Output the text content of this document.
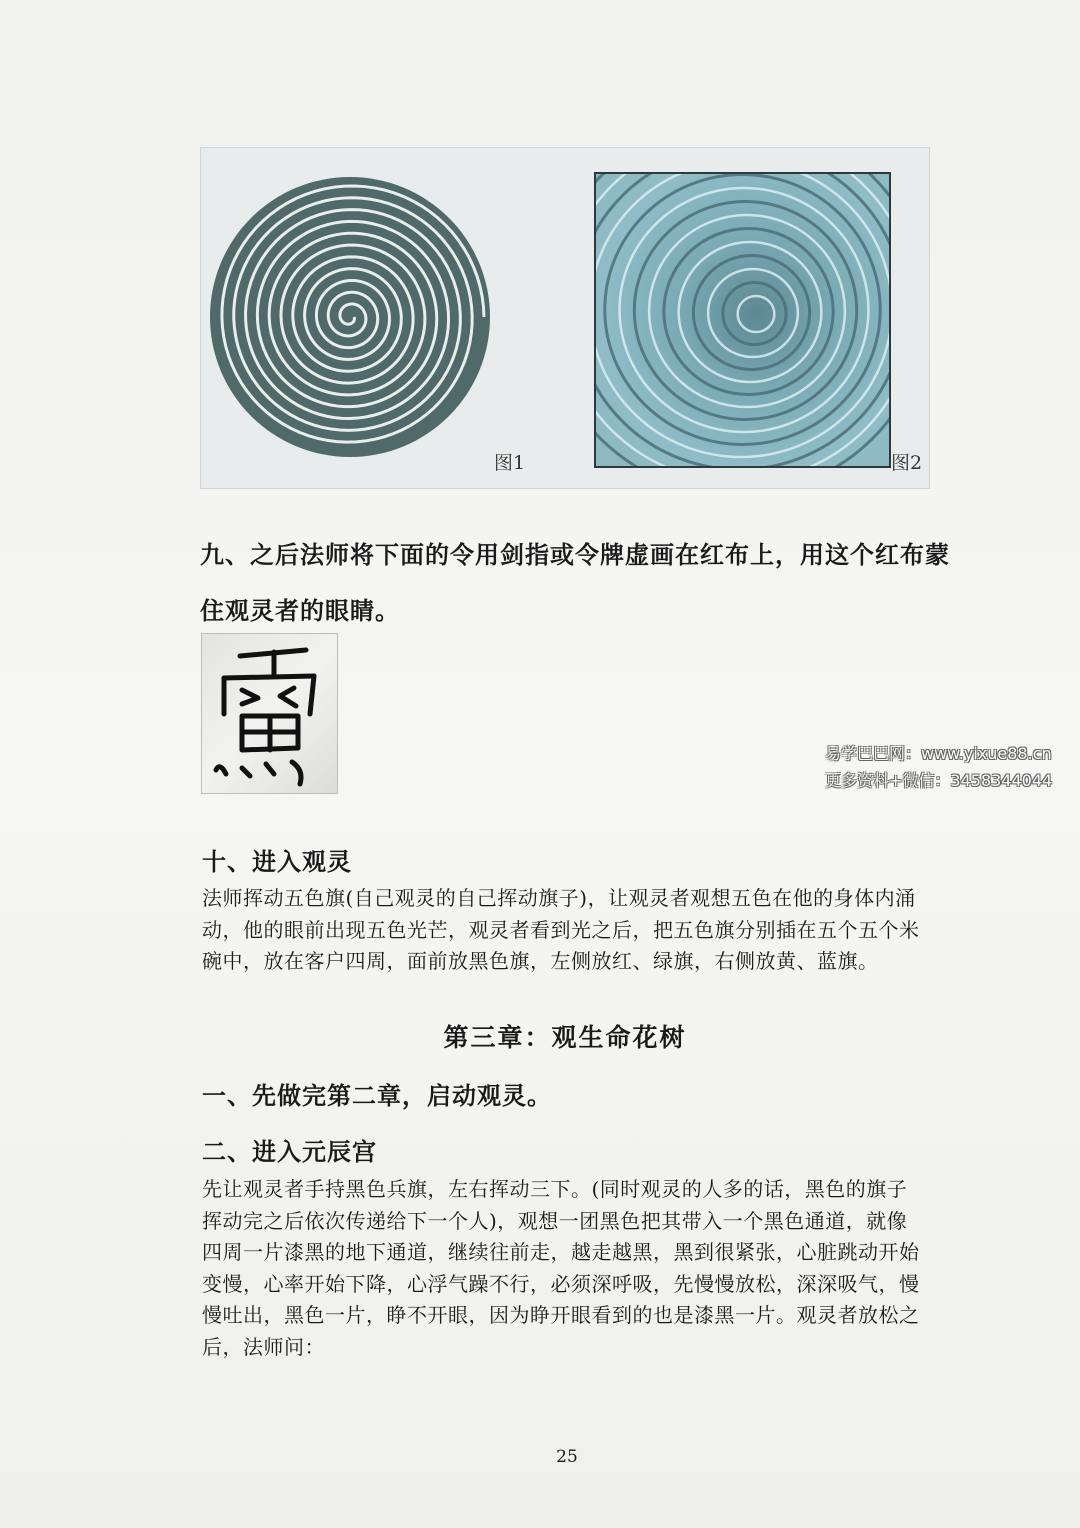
图1	图2
九、之后法师将下面的令用剑指或令牌虚画在红布上，用这个红布蒙
住观灵者的眼睛。
易学巴巴网：www.yixue88.cn
更多资料+微信：3458344044
十、进入观灵
法师挥动五色旗(自己观灵的自己挥动旗子)，让观灵者观想五色在他的身体内涌
动，他的眼前出现五色光芒，观灵者看到光之后，把五色旗分别插在五个五个米
碗中，放在客户四周，面前放黑色旗，左侧放红、绿旗，右侧放黄、蓝旗。
第三章：观生命花树
一、先做完第二章，启动观灵。
二、进入元辰宫
先让观灵者手持黑色兵旗，左右挥动三下。(同时观灵的人多的话，黑色的旗子
挥动完之后依次传递给下一个人)，观想一团黑色把其带入一个黑色通道，就像
四周一片漆黑的地下通道，继续往前走，越走越黑，黑到很紧张，心脏跳动开始
变慢，心率开始下降，心浮气躁不行，必须深呼吸，先慢慢放松，深深吸气，慢
慢吐出，黑色一片，睁不开眼，因为睁开眼看到的也是漆黑一片。观灵者放松之
后，法师问：
25
